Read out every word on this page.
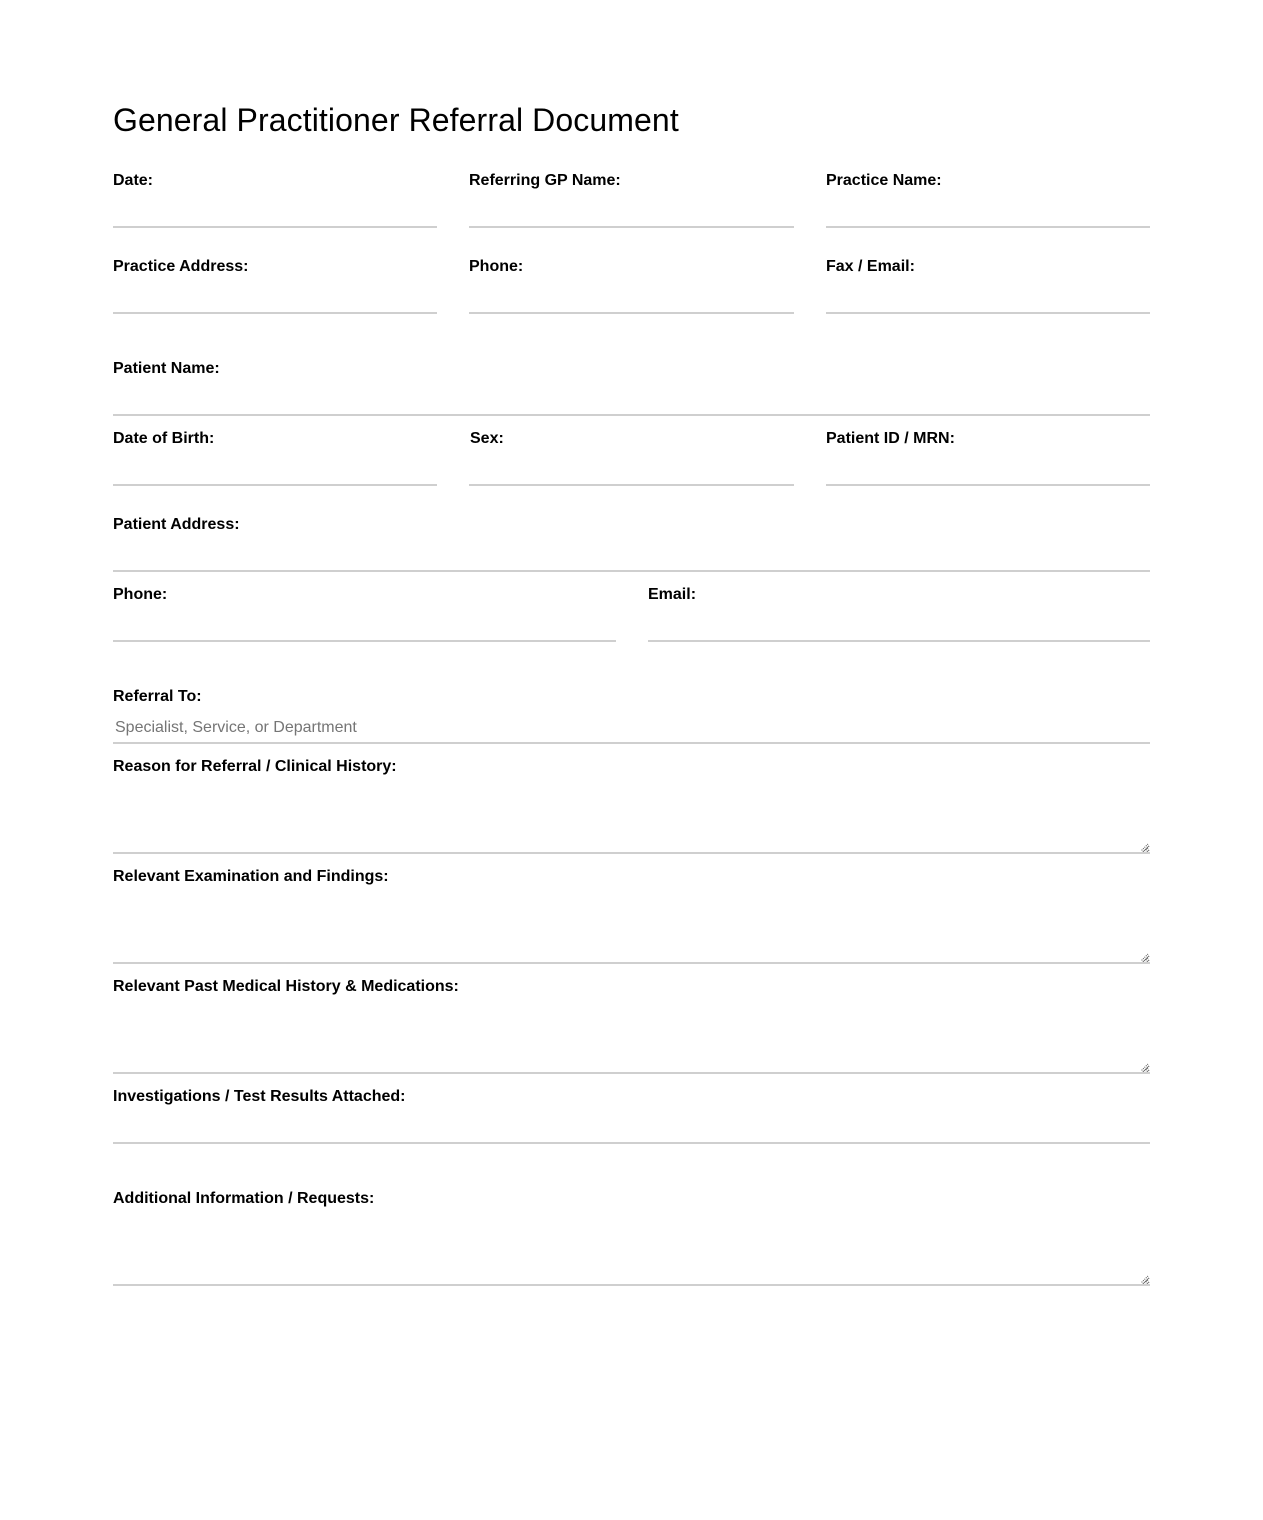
General Practitioner Referral Document
Date:	Referring GP Name:	Practice Name:
Practice Address:	Phone:	Fax / Email:
Patient Name:
Date of Birth:	Sex:	Patient ID / MRN:
Patient Address:
Phone:	Email:
Referral To:
Specialist, Service, or Department
Reason for Referral / Clinical History:
Relevant Examination and Findings:
Relevant Past Medical History & Medications:
Investigations / Test Results Attached:
Additional Information / Requests:
